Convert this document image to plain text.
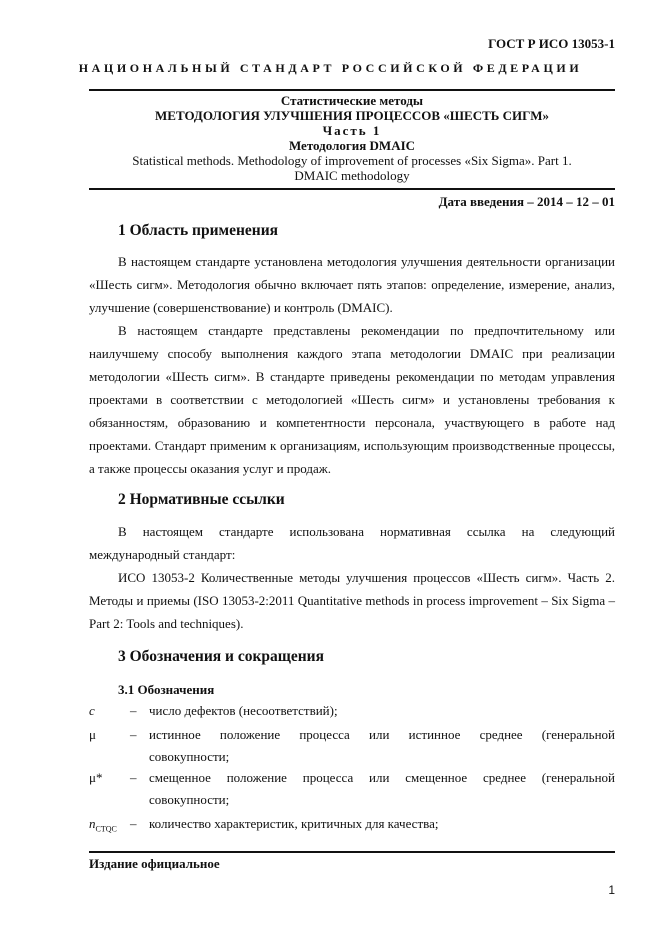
ГОСТ Р ИСО 13053-1
НАЦИОНАЛЬНЫЙ СТАНДАРТ РОССИЙСКОЙ ФЕДЕРАЦИИ
Статистические методы
МЕТОДОЛОГИЯ УЛУЧШЕНИЯ ПРОЦЕССОВ «ШЕСТЬ СИГМ»
Часть 1
Методология DMAIC
Statistical methods. Methodology of improvement of processes «Six Sigma». Part 1.
DMAIC methodology
Дата введения – 2014 – 12 – 01
1 Область применения
В настоящем стандарте установлена методология улучшения деятельности организации «Шесть сигм». Методология обычно включает пять этапов: определение, измерение, анализ, улучшение (совершенствование) и контроль (DMAIC).
В настоящем стандарте представлены рекомендации по предпочтительному или наилучшему способу выполнения каждого этапа методологии DMAIC при реализации методологии «Шесть сигм». В стандарте приведены рекомендации по методам управления проектами в соответствии с методологией «Шесть сигм» и установлены требования к обязанностям, образованию и компетентности персонала, участвующего в работе над проектами. Стандарт применим к организациям, использующим производственные процессы, а также процессы оказания услуг и продаж.
2 Нормативные ссылки
В настоящем стандарте использована нормативная ссылка на следующий международный стандарт:
ИСО 13053-2 Количественные методы улучшения процессов «Шесть сигм». Часть 2. Методы и приемы (ISO 13053-2:2011 Quantitative methods in process improvement – Six Sigma – Part 2: Tools and techniques).
3 Обозначения и сокращения
3.1 Обозначения
c	– число дефектов (несоответствий);
μ	– истинное положение процесса или истинное среднее (генеральной
совокупности;
μ* – смещенное положение процесса или смещенное среднее (генеральной
совокупности;
$n_{CTQC}$ – количество характеристик, критичных для качества;
Издание официальное
1
